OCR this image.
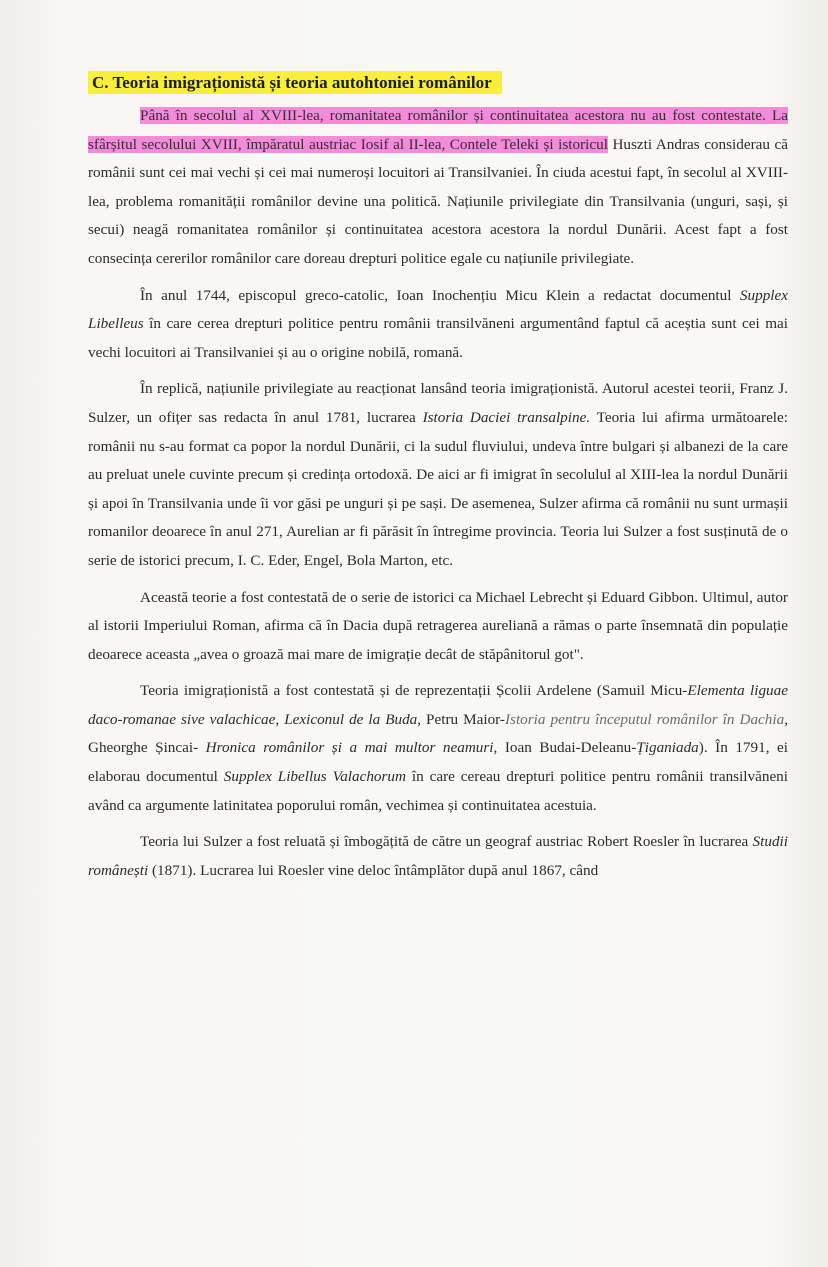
C. Teoria imigraționistă și teoria autohtoniei românilor

Până în secolul al XVIII-lea, romanitatea românilor și continuitatea acestora nu au fost contestate. La sfârșitul secolului XVIII, împăratul austriac Iosif al II-lea, Contele Teleki și istoricul Huszti Andras considerau că românii sunt cei mai vechi și cei mai numeroși locuitori ai Transilvaniei. În ciuda acestui fapt, în secolul al XVIII-lea, problema romanității românilor devine una politică. Națiunile privilegiate din Transilvania (unguri, sași, și secui) neagă romanitatea românilor și continuitatea acestora acestora la nordul Dunării. Acest fapt a fost consecința cererilor românilor care doreau drepturi politice egale cu națiunile privilegiate.

În anul 1744, episcopul greco-catolic, Ioan Inochențiu Micu Klein a redactat documentul Supplex Libelleus în care cerea drepturi politice pentru românii transilvăneni argumentând faptul că aceștia sunt cei mai vechi locuitori ai Transilvaniei și au o origine nobilă, romană.

În replică, națiunile privilegiate au reacționat lansând teoria imigraționistă. Autorul acestei teorii, Franz J. Sulzer, un ofițer sas redacta în anul 1781, lucrarea Istoria Daciei transalpine. Teoria lui afirma următoarele: românii nu s-au format ca popor la nordul Dunării, ci la sudul fluviului, undeva între bulgari și albanezi de la care au preluat unele cuvinte precum și credința ortodoxă. De aici ar fi imigrat în secolulul al XIII-lea la nordul Dunării și apoi în Transilvania unde îi vor găsi pe unguri și pe sași. De asemenea, Sulzer afirma că românii nu sunt urmașii romanilor deoarece în anul 271, Aurelian ar fi părăsit în întregime provincia. Teoria lui Sulzer a fost susținută de o serie de istorici precum, I. C. Eder, Engel, Bola Marton, etc.

Această teorie a fost contestată de o serie de istorici ca Michael Lebrecht și Eduard Gibbon. Ultimul, autor al istorii Imperiului Roman, afirma că în Dacia după retragerea aureliană a rămas o parte însemnată din populație deoarece aceasta „avea o groază mai mare de imigrație decât de stăpânitorul got".

Teoria imigraționistă a fost contestată și de reprezentații Școlii Ardelene (Samuil Micu-Elementa liguae daco-romanae sive valachicae, Lexiconul de la Buda, Petru Maior-Istoria pentru începutul românilor în Dachia, Gheorghe Șincai- Hronica românilor și a mai multor neamuri, Ioan Budai-Deleanu-Țiganiada). În 1791, ei elaborau documentul Supplex Libellus Valachorum în care cereau drepturi politice pentru românii transilvăneni având ca argumente latinitatea poporului român, vechimea și continuitatea acestuia.

Teoria lui Sulzer a fost reluată și îmbogățită de către un geograf austriac Robert Roesler în lucrarea Studii românești (1871). Lucrarea lui Roesler vine deloc întâmplător după anul 1867, când
